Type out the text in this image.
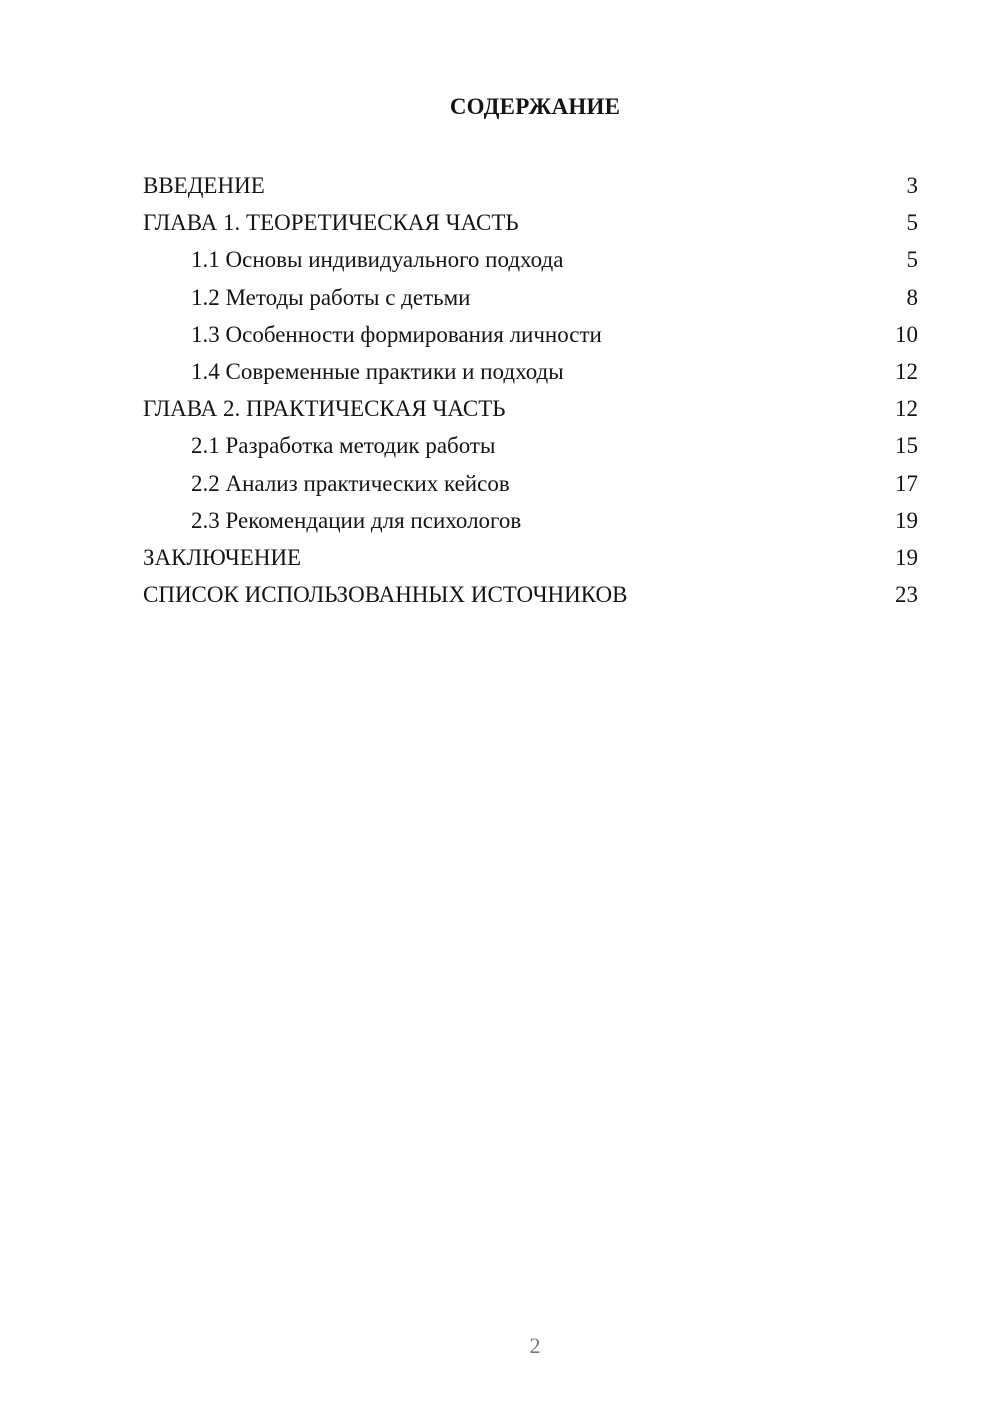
СОДЕРЖАНИЕ
ВВЕДЕНИЕ	3
ГЛАВА 1. ТЕОРЕТИЧЕСКАЯ ЧАСТЬ	5
1.1 Основы индивидуального подхода	5
1.2 Методы работы с детьми	8
1.3 Особенности формирования личности	10
1.4 Современные практики и подходы	12
ГЛАВА 2. ПРАКТИЧЕСКАЯ ЧАСТЬ	12
2.1 Разработка методик работы	15
2.2 Анализ практических кейсов	17
2.3 Рекомендации для психологов	19
ЗАКЛЮЧЕНИЕ	19
СПИСОК ИСПОЛЬЗОВАННЫХ ИСТОЧНИКОВ	23
2
